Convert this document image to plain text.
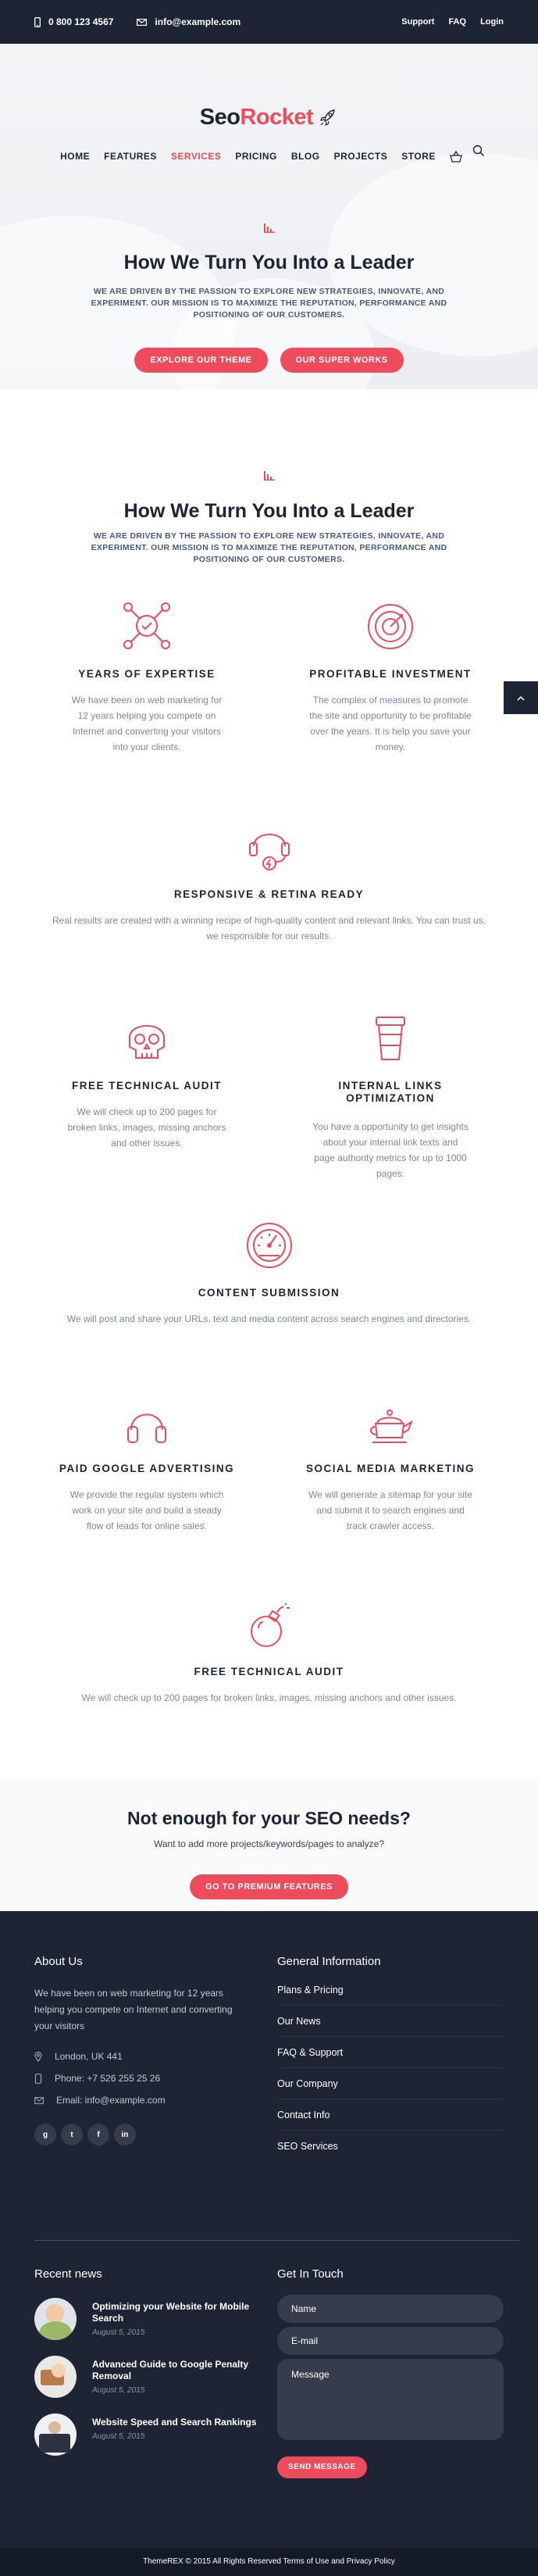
0 800 123 4567	info@example.com	Support FAQ Login
Seo Rocket
HOME FEATURES SERVICES PRICING BLOG PROJECTS STORE
How We Turn You Into a Leader
WE ARE DRIVEN BY THE PASSION TO EXPLORE NEW STRATEGIES, INNOVATE, AND EXPERIMENT. OUR MISSION IS TO MAXIMIZE THE REPUTATION, PERFORMANCE AND POSITIONING OF OUR CUSTOMERS.
EXPLORE OUR THEME	OUR SUPER WORKS
How We Turn You Into a Leader
WE ARE DRIVEN BY THE PASSION TO EXPLORE NEW STRATEGIES, INNOVATE, AND EXPERIMENT. OUR MISSION IS TO MAXIMIZE THE REPUTATION, PERFORMANCE AND POSITIONING OF OUR CUSTOMERS.
YEARS OF EXPERTISE

We have been on web marketing for 12 years helping you compete on Internet and converting your visitors into your clients.

PROFITABLE INVESTMENT

The complex of measures to promote the site and opportunity to be profitable over the years. It is help you save your money.

RESPONSIVE & RETINA READY

Real results are created with a winning recipe of high-quality content and relevant links. You can trust us, we responsible for our results.

FREE TECHNICAL AUDIT

We will check up to 200 pages for broken links, images, missing anchors and other issues.

INTERNAL LINKS OPTIMIZATION

You have a opportunity to get insights about your internal link texts and page authority metrics for up to 1000 pages.

CONTENT SUBMISSION

We will post and share your URLs, text and media content across search engines and directories.

PAID GOOGLE ADVERTISING

We provide the regular system which work on your site and build a steady flow of leads for online sales.

SOCIAL MEDIA MARKETING

We will generate a sitemap for your site and submit it to search engines and track crawler access.

FREE TECHNICAL AUDIT

We will check up to 200 pages for broken links, images, missing anchors and other issues.

Not enough for your SEO needs?

Want to add more projects/keywords/pages to analyze?

GO TO PREMIUM FEATURES
About Us

We have been on web marketing for 12 years helping you compete on Internet and converting your visitors

London, UK 441
Phone: +7 526 255 25 26
Email: info@example.com
g	t	f	in
General Information
Plans & Pricing
Our News
FAQ & Support
Our Company
Contact Info
SEO Services
Recent news
Optimizing your Website for Mobile Search
August 5, 2015
Advanced Guide to Google Penalty Removal
August 5, 2015
Website Speed and Search Rankings
August 5, 2015
Get In Touch
Name
E-mail
Message
SEND MESSAGE
ThemeREX © 2015 All Rights Reserved Terms of Use and Privacy Policy
